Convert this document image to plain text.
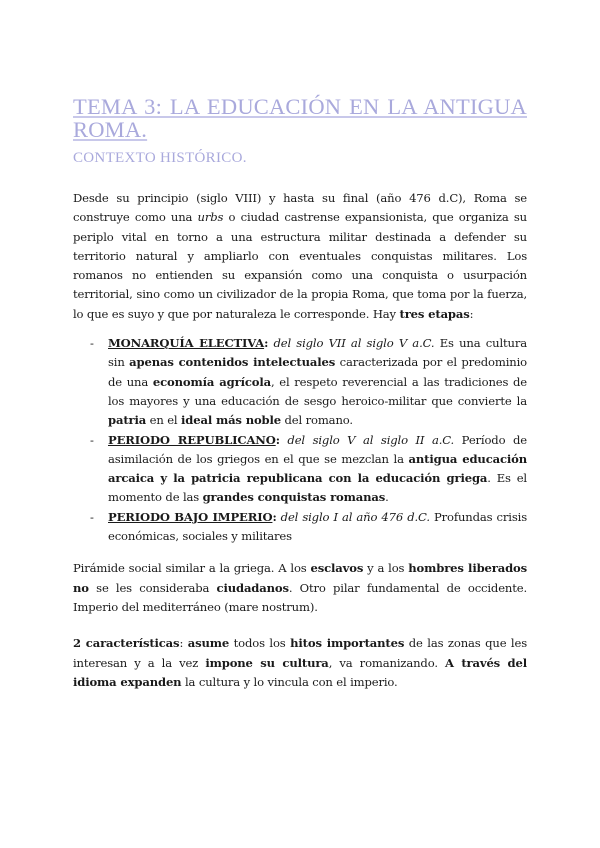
TEMA 3: LA EDUCACIÓN EN LA ANTIGUA ROMA.
CONTEXTO HISTÓRICO.

Desde su principio (siglo VIII) y hasta su final (año 476 d.C), Roma se construye como una urbs o ciudad castrense expansionista, que organiza su periplo vital en torno a una estructura militar destinada a defender su territorio natural y ampliarlo con eventuales conquistas militares. Los romanos no entienden su expansión como una conquista o usurpación territorial, sino como un civilizador de la propia Roma, que toma por la fuerza, lo que es suyo y que por naturaleza le corresponde. Hay tres etapas:

- MONARQUÍA ELECTIVA: del siglo VII al siglo V a.C. Es una cultura sin apenas contenidos intelectuales caracterizada por el predominio de una economía agrícola, el respeto reverencial a las tradiciones de los mayores y una educación de sesgo heroico-militar que convierte la patria en el ideal más noble del romano.
- PERIODO REPUBLICANO: del siglo V al siglo II a.C. Período de asimilación de los griegos en el que se mezclan la antigua educación arcaica y la patricia republicana con la educación griega. Es el momento de las grandes conquistas romanas.
- PERIODO BAJO IMPERIO: del siglo I al año 476 d.C. Profundas crisis económicas, sociales y militares

Pirámide social similar a la griega. A los esclavos y a los hombres liberados no se les consideraba ciudadanos. Otro pilar fundamental de occidente. Imperio del mediterráneo (mare nostrum).

2 características: asume todos los hitos importantes de las zonas que les interesan y a la vez impone su cultura, va romanizando. A través del idioma expanden la cultura y lo vincula con el imperio.
